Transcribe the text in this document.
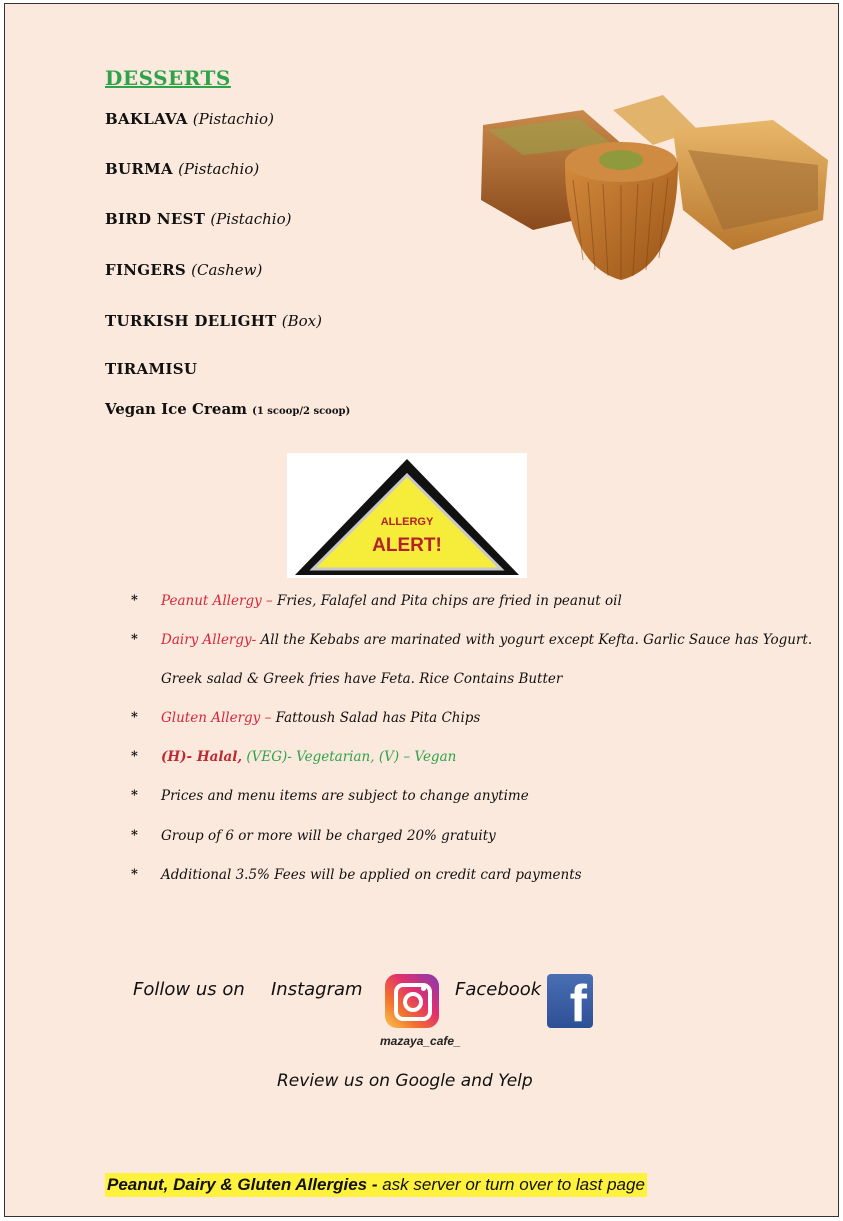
DESSERTS
BAKLAVA (Pistachio)
BURMA (Pistachio)
BIRD NEST (Pistachio)
FINGERS (Cashew)
TURKISH DELIGHT (Box)
TIRAMISU
Vegan Ice Cream (1 scoop/2 scoop)
ALLERGY
ALERT!
* Peanut Allergy – Fries, Falafel and Pita chips are fried in peanut oil
* Dairy Allergy- All the Kebabs are marinated with yogurt except Kefta. Garlic Sauce has Yogurt.
Greek salad & Greek fries have Feta. Rice Contains Butter
* Gluten Allergy – Fattoush Salad has Pita Chips
* (H)- Halal, (VEG)- Vegetarian, (V) – Vegan
* Prices and menu items are subject to change anytime
* Group of 6 or more will be charged 20% gratuity
* Additional 3.5% Fees will be applied on credit card payments
Follow us on Instagram	Facebook f
mazaya_cafe_
Review us on Google and Yelp
Peanut, Dairy & Gluten Allergies - ask server or turn over to last page
